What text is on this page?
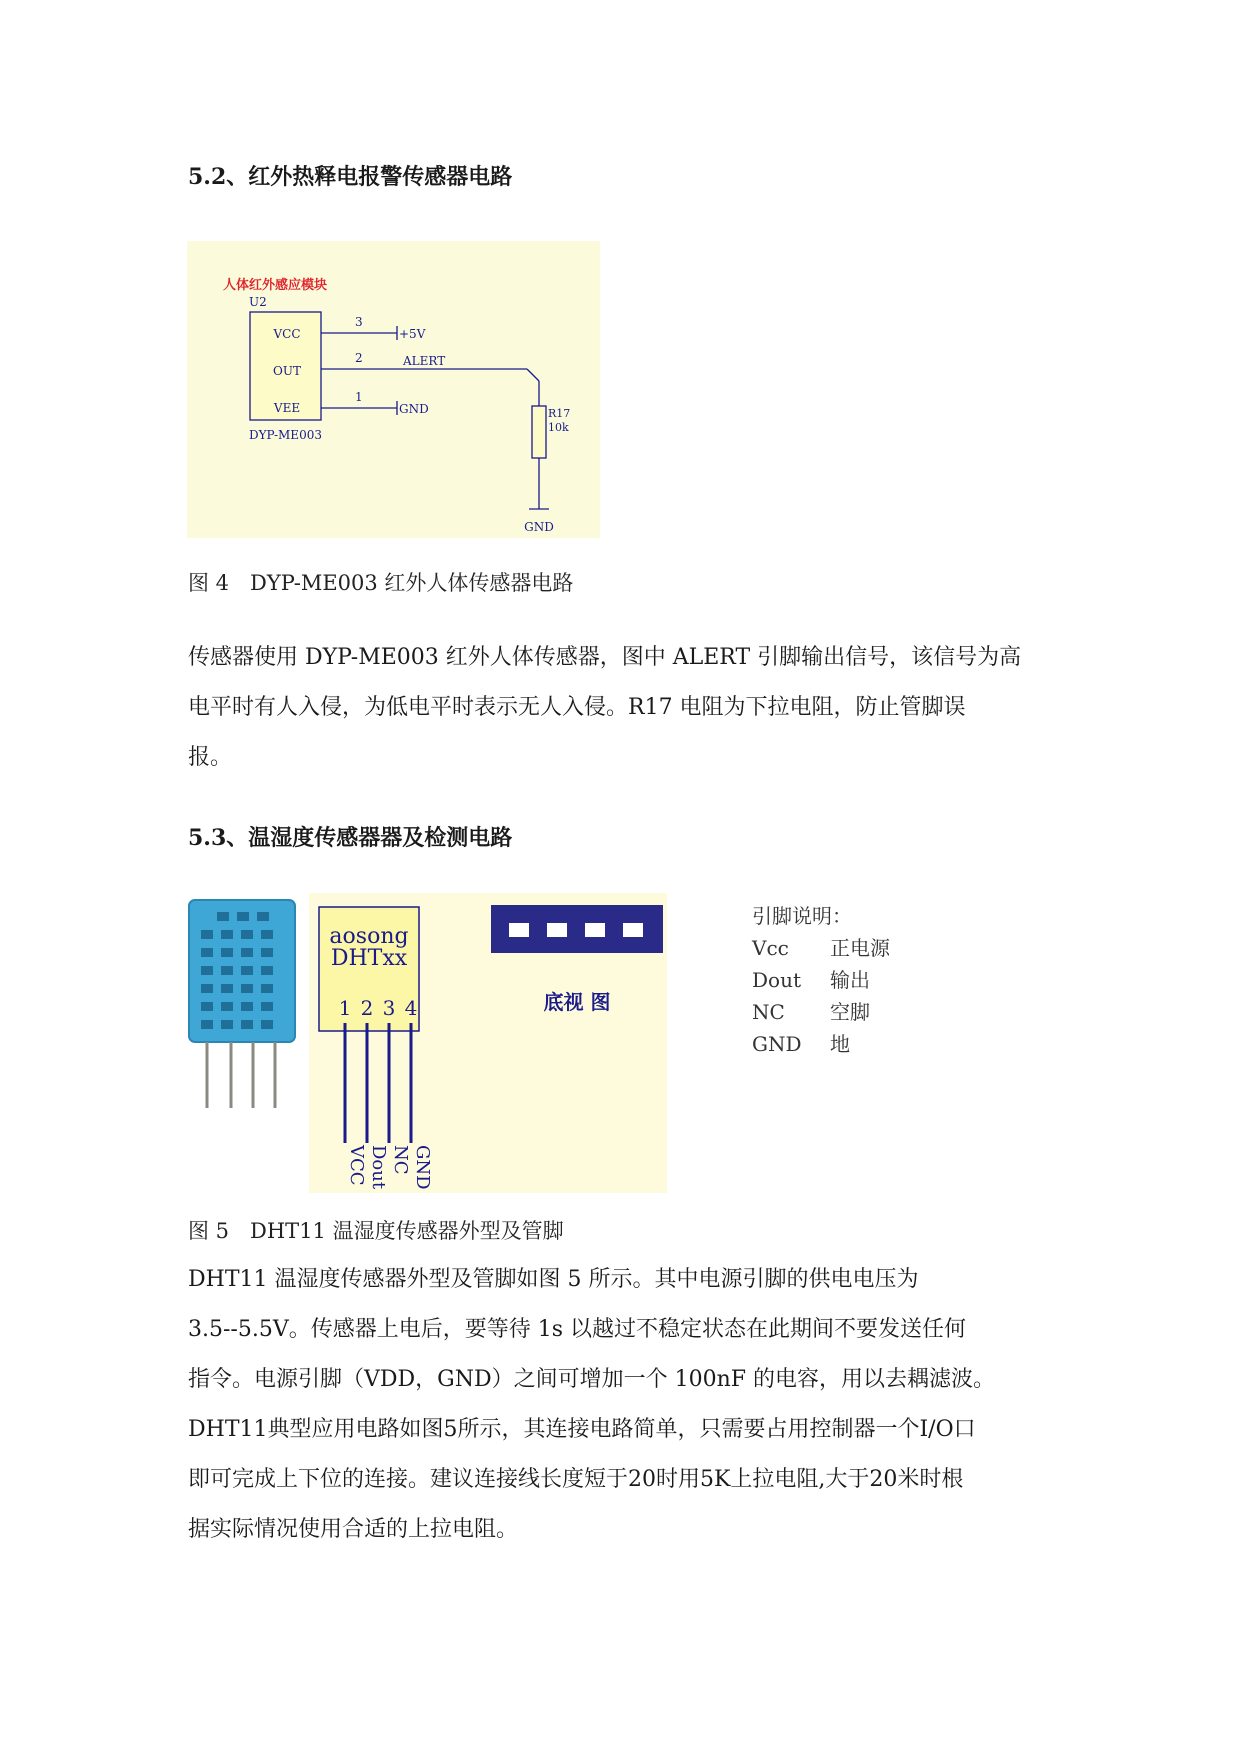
5.2、红外热释电报警传感器电路
人体红外感应模块
U2
VCC
OUT
VEE
DYP-ME003
3
+5V
2	ALERT
1
GND	R17
10k
GND
图 4　DYP-ME003 红外人体传感器电路

传感器使用 DYP-ME003 红外人体传感器，图中 ALERT 引脚输出信号，该信号为高

电平时有人入侵，为低电平时表示无人入侵。R17 电阻为下拉电阻，防止管脚误

报。

5.3、温湿度传感器器及检测电路
aosong
DHTxx
1 2 3 4
VCC Dout NC GND
底视 图
引脚说明：
Vcc	正电源
Dout	输出
NC	空脚
GND	地
图 5　DHT11 温湿度传感器外型及管脚

DHT11 温湿度传感器外型及管脚如图 5 所示。其中电源引脚的供电电压为

3.5--5.5V。传感器上电后，要等待 1s 以越过不稳定状态在此期间不要发送任何

指令。电源引脚（VDD，GND）之间可增加一个 100nF 的电容，用以去耦滤波。

DHT11典型应用电路如图5所示，其连接电路简单，只需要占用控制器一个I/O口

即可完成上下位的连接。建议连接线长度短于20时用5K上拉电阻,大于20米时根

据实际情况使用合适的上拉电阻。
